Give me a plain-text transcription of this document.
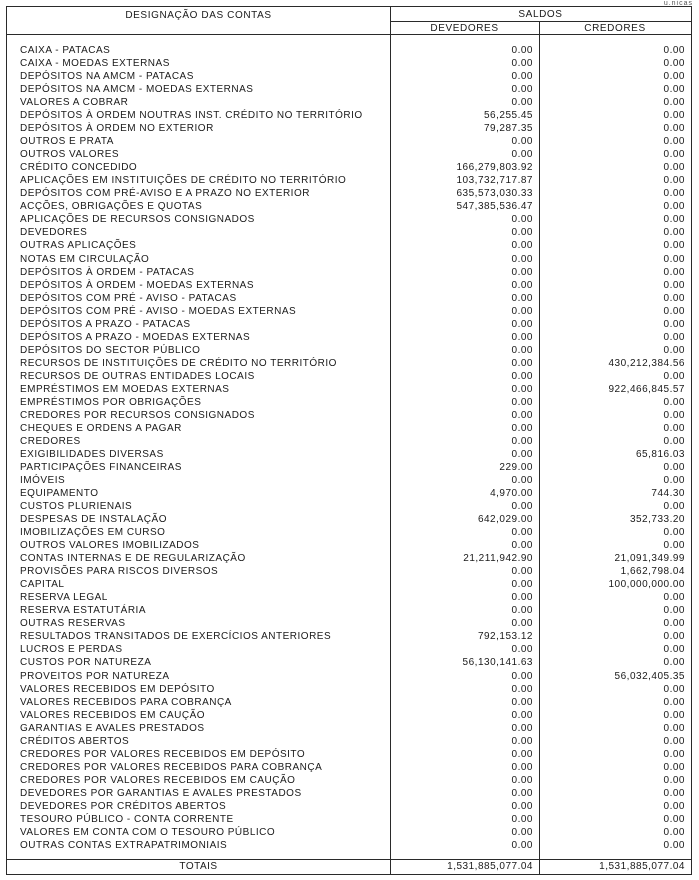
u.nicas
DESIGNAÇÃO DAS CONTAS	SALDOS
DEVEDORES	CREDORES
CAIXA - PATACAS	0.00	0.00
CAIXA - MOEDAS EXTERNAS	0.00	0.00
DEPÓSITOS NA AMCM - PATACAS	0.00	0.00
DEPÓSITOS NA AMCM - MOEDAS EXTERNAS	0.00	0.00
VALORES A COBRAR	0.00	0.00
DEPÓSITOS À ORDEM NOUTRAS INST. CRÉDITO NO TERRITÓRIO	56,255.45	0.00
DEPÓSITOS À ORDEM NO EXTERIOR	79,287.35	0.00
OUTROS E PRATA	0.00	0.00
OUTROS VALORES	0.00	0.00
CRÉDITO CONCEDIDO	166,279,803.92	0.00
APLICAÇÕES EM INSTITUIÇÕES DE CRÉDITO NO TERRITÓRIO	103,732,717.87	0.00
DEPÓSITOS COM PRÉ-AVISO E A PRAZO NO EXTERIOR	635,573,030.33	0.00
ACÇÕES, OBRIGAÇÕES E QUOTAS	547,385,536.47	0.00
APLICAÇÕES DE RECURSOS CONSIGNADOS	0.00	0.00
DEVEDORES	0.00	0.00
OUTRAS APLICAÇÕES	0.00	0.00
NOTAS EM CIRCULAÇÃO	0.00	0.00
DEPÓSITOS À ORDEM - PATACAS	0.00	0.00
DEPÓSITOS À ORDEM - MOEDAS EXTERNAS	0.00	0.00
DEPÓSITOS COM PRÉ - AVISO - PATACAS	0.00	0.00
DEPÓSITOS COM PRÉ - AVISO - MOEDAS EXTERNAS	0.00	0.00
DEPÓSITOS A PRAZO - PATACAS	0.00	0.00
DEPÓSITOS A PRAZO - MOEDAS EXTERNAS	0.00	0.00
DEPÓSITOS DO SECTOR PÚBLICO	0.00	0.00
RECURSOS DE INSTITUIÇÕES DE CRÉDITO NO TERRITÓRIO	0.00	430,212,384.56
RECURSOS DE OUTRAS ENTIDADES LOCAIS	0.00	0.00
EMPRÉSTIMOS EM MOEDAS EXTERNAS	0.00	922,466,845.57
EMPRÉSTIMOS POR OBRIGAÇÕES	0.00	0.00
CREDORES POR RECURSOS CONSIGNADOS	0.00	0.00
CHEQUES E ORDENS A PAGAR	0.00	0.00
CREDORES	0.00	0.00
EXIGIBILIDADES DIVERSAS	0.00	65,816.03
PARTICIPAÇÕES FINANCEIRAS	229.00	0.00
IMÓVEIS	0.00	0.00
EQUIPAMENTO	4,970.00	744.30
CUSTOS PLURIENAIS	0.00	0.00
DESPESAS DE INSTALAÇÃO	642,029.00	352,733.20
IMOBILIZAÇÕES EM CURSO	0.00	0.00
OUTROS VALORES IMOBILIZADOS	0.00	0.00
CONTAS INTERNAS E DE REGULARIZAÇÃO	21,211,942.90	21,091,349.99
PROVISÕES PARA RISCOS DIVERSOS	0.00	1,662,798.04
CAPITAL	0.00	100,000,000.00
RESERVA LEGAL	0.00	0.00
RESERVA ESTATUTÁRIA	0.00	0.00
OUTRAS RESERVAS	0.00	0.00
RESULTADOS TRANSITADOS DE EXERCÍCIOS ANTERIORES	792,153.12	0.00
LUCROS E PERDAS	0.00	0.00
CUSTOS POR NATUREZA	56,130,141.63	0.00
PROVEITOS POR NATUREZA	0.00	56,032,405.35
VALORES RECEBIDOS EM DEPÓSITO	0.00	0.00
VALORES RECEBIDOS PARA COBRANÇA	0.00	0.00
VALORES RECEBIDOS EM CAUÇÃO	0.00	0.00
GARANTIAS E AVALES PRESTADOS	0.00	0.00
CRÉDITOS ABERTOS	0.00	0.00
CREDORES POR VALORES RECEBIDOS EM DEPÓSITO	0.00	0.00
CREDORES POR VALORES RECEBIDOS PARA COBRANÇA	0.00	0.00
CREDORES POR VALORES RECEBIDOS EM CAUÇÃO	0.00	0.00
DEVEDORES POR GARANTIAS E AVALES PRESTADOS	0.00	0.00
DEVEDORES POR CRÉDITOS ABERTOS	0.00	0.00
TESOURO PÚBLICO - CONTA CORRENTE	0.00	0.00
VALORES EM CONTA COM O TESOURO PÚBLICO	0.00	0.00
OUTRAS CONTAS EXTRAPATRIMONIAIS	0.00	0.00
TOTAIS	1,531,885,077.04	1,531,885,077.04
